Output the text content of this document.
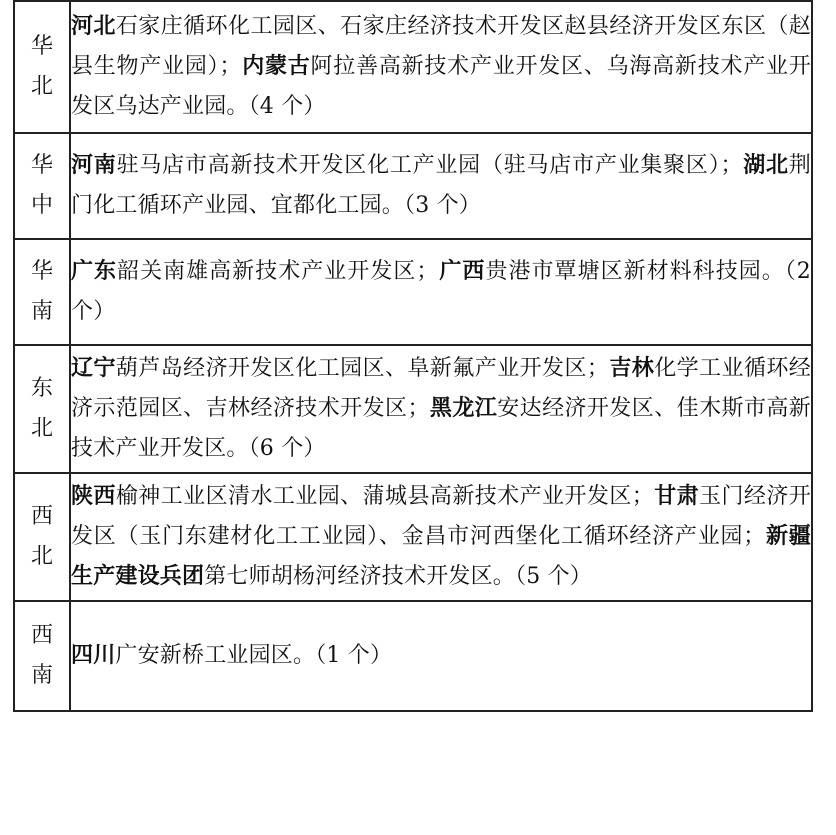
华
北	河北石家庄循环化工园区、石家庄经济技术开发区赵县经济开发区东区（赵县生物产业园）；内蒙古阿拉善高新技术产业开发区、乌海高新技术产业开发区乌达产业园。（4 个）

华
中	河南驻马店市高新技术开发区化工产业园（驻马店市产业集聚区）；湖北荆门化工循环产业园、宜都化工园。（3 个）

华
南	广东韶关南雄高新技术产业开发区；广西贵港市覃塘区新材料科技园。（2 个）

东
北	辽宁葫芦岛经济开发区化工园区、阜新氟产业开发区；吉林化学工业循环经济示范园区、吉林经济技术开发区；黑龙江安达经济开发区、佳木斯市高新技术产业开发区。（6 个）

西
北	陕西榆神工业区清水工业园、蒲城县高新技术产业开发区；甘肃玉门经济开发区（玉门东建材化工工业园）、金昌市河西堡化工循环经济产业园；新疆生产建设兵团第七师胡杨河经济技术开发区。（5 个）

西
南	四川广安新桥工业园区。（1 个）
